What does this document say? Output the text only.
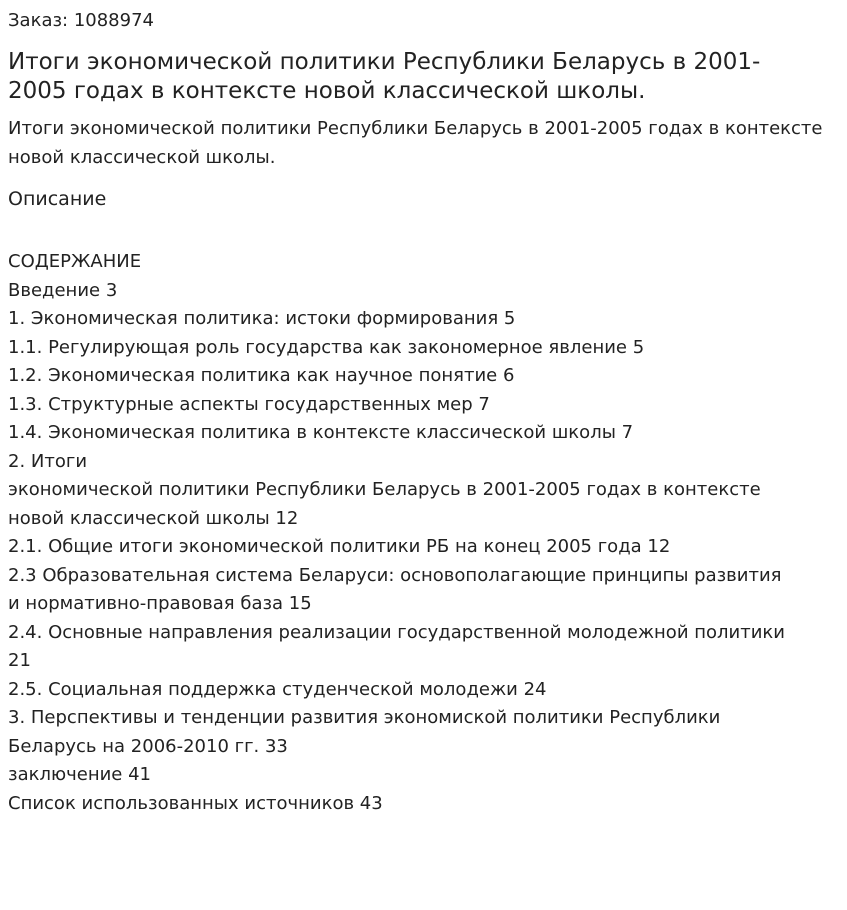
Заказ: 1088974
Итоги экономической политики Республики Беларусь в 2001-2005 годах в контексте новой классической школы.

Итоги экономической политики Республики Беларусь в 2001-2005 годах в контексте новой классической школы.

Описание
СОДЕРЖАНИЕ
Введение 3
1. Экономическая политика: истоки формирования 5
1.1. Регулирующая роль государства как закономерное явление 5
1.2. Экономическая политика как научное понятие 6
1.3. Структурные аспекты государственных мер 7
1.4. Экономическая политика в контексте классической школы 7
2. Итоги
экономической политики Республики Беларусь в 2001-2005 годах в контексте
новой классической школы 12
2.1. Общие итоги экономической политики РБ на конец 2005 года 12
2.3 Образовательная система Беларуси: основополагающие принципы развития
и нормативно-правовая база 15
2.4. Основные направления реализации государственной молодежной политики
21
2.5. Социальная поддержка студенческой молодежи 24
3. Перспективы и тенденции развития экономиской политики Республики
Беларусь на 2006-2010 гг. 33
заключение 41
Список использованных источников 43
